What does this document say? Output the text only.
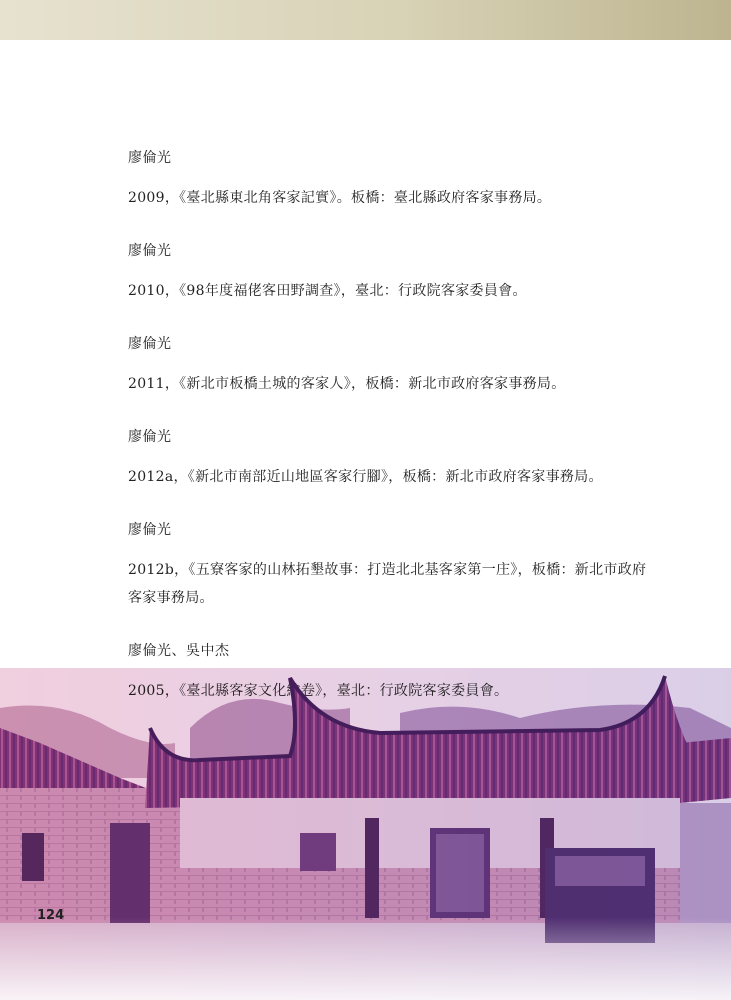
廖倫光

2009，《臺北縣東北角客家記實》。板橋：臺北縣政府客家事務局。

廖倫光

2010，《98年度福佬客田野調查》，臺北：行政院客家委員會。

廖倫光

2011，《新北市板橋土城的客家人》，板橋：新北市政府客家事務局。

廖倫光

2012a，《新北市南部近山地區客家行腳》，板橋：新北市政府客家事務局。

廖倫光

2012b，《五寮客家的山林拓墾故事：打造北北基客家第一庄》，板橋：新北市政府客家事務局。

廖倫光、吳中杰

124
